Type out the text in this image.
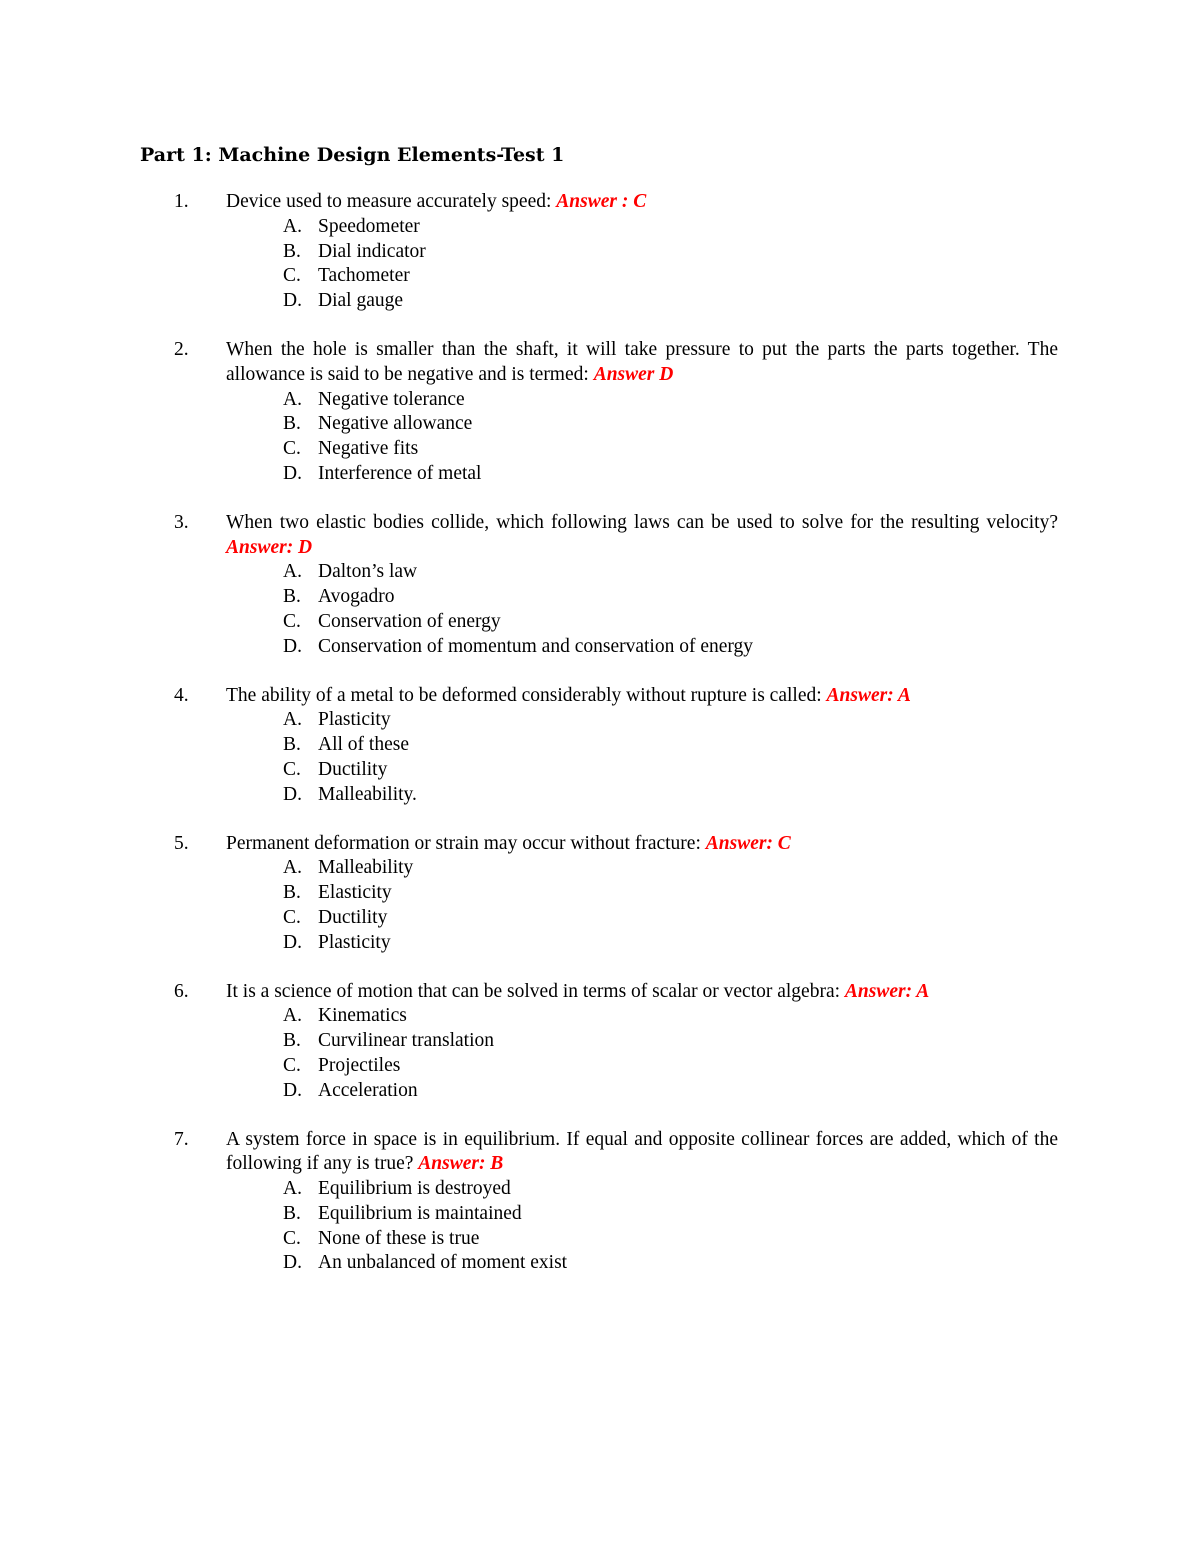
Part 1: Machine Design Elements-Test 1
1. Device used to measure accurately speed: Answer : C
A. Speedometer
B. Dial indicator
C. Tachometer
D. Dial gauge
2. When the hole is smaller than the shaft, it will take pressure to put the parts the parts together. The allowance is said to be negative and is termed: Answer D
A. Negative tolerance
B. Negative allowance
C. Negative fits
D. Interference of metal
3. When two elastic bodies collide, which following laws can be used to solve for the resulting velocity? Answer: D
A. Dalton’s law
B. Avogadro
C. Conservation of energy
D. Conservation of momentum and conservation of energy
4. The ability of a metal to be deformed considerably without rupture is called: Answer: A
A. Plasticity
B. All of these
C. Ductility
D. Malleability.
5. Permanent deformation or strain may occur without fracture: Answer: C
A. Malleability
B. Elasticity
C. Ductility
D. Plasticity
6. It is a science of motion that can be solved in terms of scalar or vector algebra: Answer: A
A. Kinematics
B. Curvilinear translation
C. Projectiles
D. Acceleration
7. A system force in space is in equilibrium. If equal and opposite collinear forces are added, which of the following if any is true? Answer: B
A. Equilibrium is destroyed
B. Equilibrium is maintained
C. None of these is true
D. An unbalanced of moment exist
